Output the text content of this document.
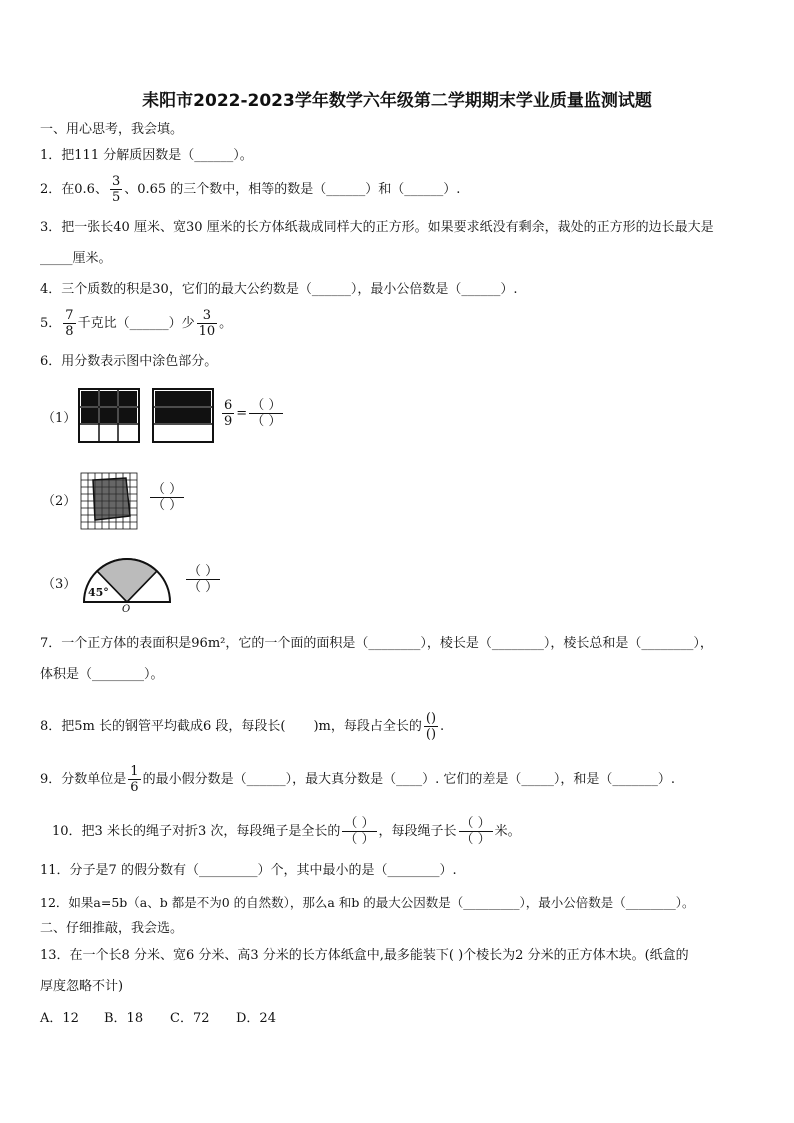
耒阳市2022-2023学年数学六年级第二学期期末学业质量监测试题
一、用心思考，我会填。
1．把111 分解质因数是（______）。
2．在0.6、 $\frac{3}{5}$ 、0.65 的三个数中，相等的数是（______）和（______）.
3．把一张长40 厘米、宽30 厘米的长方体纸裁成同样大的正方形。如果要求纸没有剩余，裁处的正方形的边长最大是
_____厘米。
4．三个质数的积是30，它们的最大公约数是（______），最小公倍数是（______）.
5． $\frac{7}{8}$ 千克比（______）少 $\frac{3}{10}$ 。
6．用分数表示图中涂色部分。
（1）	$\frac{6}{9} = \frac{( )}{( )}$
（2）	$\frac{( )}{( )}$
（3）
45°
O
$\frac{( )}{( )}$
7．一个正方体的表面积是96m²，它的一个面的面积是（________），棱长是（________），棱长总和是（________），
体积是（________）。
8．把5m 长的钢管平均截成6 段，每段长( )m，每段占全长的 $\frac{()}{()}$ .
9．分数单位是 $\frac{1}{6}$ 的最小假分数是（______），最大真分数是（____）. 它们的差是（_____），和是（_______）.
10．把3 米长的绳子对折3 次，每段绳子是全长的 $\frac{( )}{( )}$ ，每段绳子长 $\frac{( )}{( )}$ 米。
11．分子是7 的假分数有（_________）个，其中最小的是（________）.
12．如果a=5b（a、b 都是不为0 的自然数），那么a 和b 的最大公因数是（_________），最小公倍数是（________）。
二、仔细推敲，我会选。
13．在一个长8 分米、宽6 分米、高3 分米的长方体纸盒中,最多能装下( )个棱长为2 分米的正方体木块。(纸盒的
厚度忽略不计)
A．12 B．18 C．72 D．24
